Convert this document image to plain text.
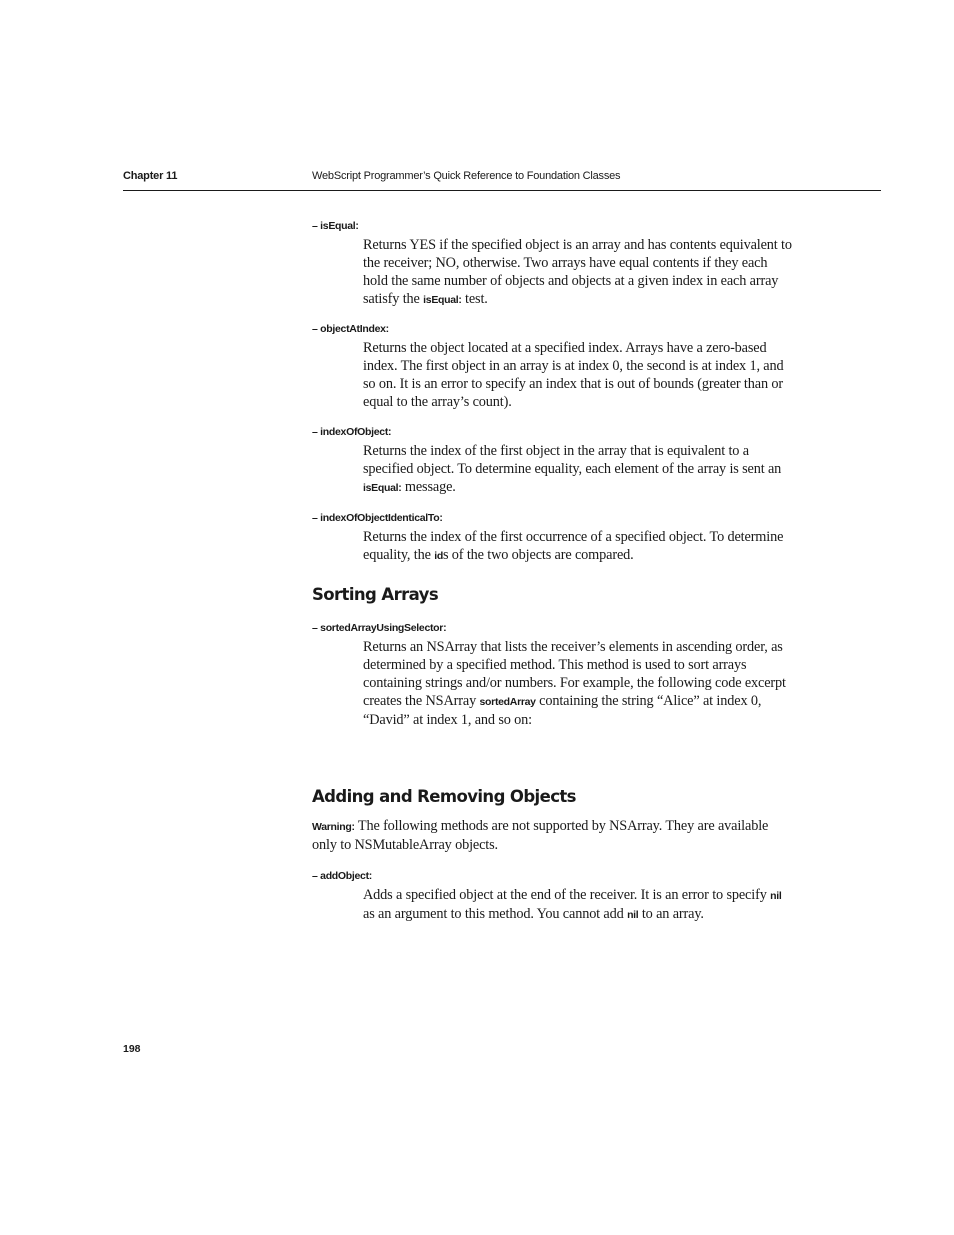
Chapter 11	WebScript Programmer’s Quick Reference to Foundation Classes

– isEqual:

Returns YES if the specified object is an array and has contents equivalent to the receiver; NO, otherwise. Two arrays have equal contents if they each hold the same number of objects and objects at a given index in each array satisfy the isEqual: test.

– objectAtIndex:

Returns the object located at a specified index. Arrays have a zero-based index. The first object in an array is at index 0, the second is at index 1, and so on. It is an error to specify an index that is out of bounds (greater than or equal to the array’s count).

– indexOfObject:

Returns the index of the first object in the array that is equivalent to a specified object. To determine equality, each element of the array is sent an isEqual: message.

– indexOfObjectIdenticalTo:

Returns the index of the first occurrence of a specified object. To determine equality, the ids of the two objects are compared.

Sorting Arrays

– sortedArrayUsingSelector:

Returns an NSArray that lists the receiver’s elements in ascending order, as determined by a specified method. This method is used to sort arrays containing strings and/or numbers. For example, the following code excerpt creates the NSArray sortedArray containing the string “Alice” at index 0, “David” at index 1, and so on:

Adding and Removing Objects

Warning: The following methods are not supported by NSArray. They are available only to NSMutableArray objects.

– addObject:

Adds a specified object at the end of the receiver. It is an error to specify nil as an argument to this method. You cannot add nil to an array.

198
